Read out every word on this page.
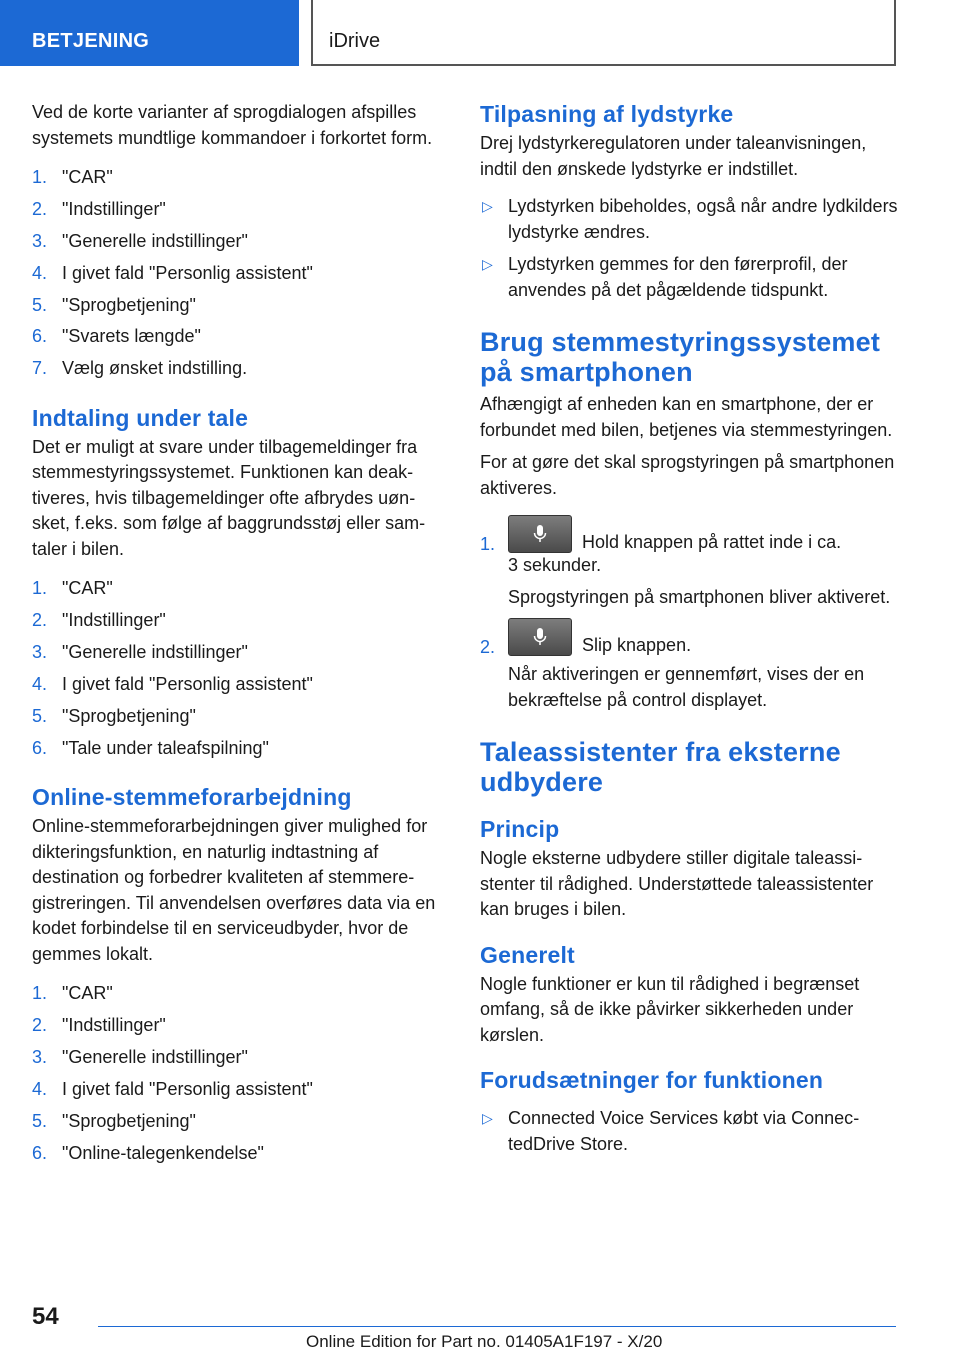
BETJENING	iDrive

Ved de korte varianter af sprogdialogen afspilles systemets mundtlige kommandoer i forkortet form.

1. "CAR"
2. "Indstillinger"
3. "Generelle indstillinger"
4. I givet fald "Personlig assistent"
5. "Sprogbetjening"
6. "Svarets længde"
7. Vælg ønsket indstilling.
Indtaling under tale

Det er muligt at svare under tilbagemeldinger fra stemmestyringssystemet. Funktionen kan deaktiveres, hvis tilbagemeldinger ofte afbrydes uønsket, f.eks. som følge af baggrundsstøj eller samtaler i bilen.

1. "CAR"
2. "Indstillinger"
3. "Generelle indstillinger"
4. I givet fald "Personlig assistent"
5. "Sprogbetjening"
6. "Tale under taleafspilning"
Online-stemmeforarbejdning

Online-stemmeforarbejdningen giver mulighed for dikteringsfunktion, en naturlig indtastning af destination og forbedrer kvaliteten af stemmeregistreringen. Til anvendelsen overføres data via en kodet forbindelse til en serviceudbyder, hvor de gemmes lokalt.

1. "CAR"
2. "Indstillinger"
3. "Generelle indstillinger"
4. I givet fald "Personlig assistent"
5. "Sprogbetjening"
6. "Online-talegenkendelse"
Tilpasning af lydstyrke

Drej lydstyrkeregulatoren under taleanvisningen, indtil den ønskede lydstyrke er indstillet.

▷ Lydstyrken bibeholdes, også når andre lydkilders lydstyrke ændres.
▷ Lydstyrken gemmes for den førerprofil, der anvendes på det pågældende tidspunkt.
Brug stemmestyringssystemet på smartphonen

Afhængigt af enheden kan en smartphone, der er forbundet med bilen, betjenes via stemmestyringen.

For at gøre det skal sprogstyringen på smartphonen aktiveres.

1.	Hold knappen på rattet inde i ca.
3 sekunder.
Sprogstyringen på smartphonen bliver aktiveret.
2.	Slip knappen.
Når aktiveringen er gennemført, vises der en bekræftelse på control displayet.
Taleassistenter fra eksterne udbydere
Princip

Nogle eksterne udbydere stiller digitale taleassistenter til rådighed. Understøttede taleassistenter kan bruges i bilen.

Generelt

Nogle funktioner er kun til rådighed i begrænset omfang, så de ikke påvirker sikkerheden under kørslen.

Forudsætninger for funktionen
▷ Connected Voice Services købt via ConnectedDrive Store.
54
Online Edition for Part no. 01405A1F197 - X/20
